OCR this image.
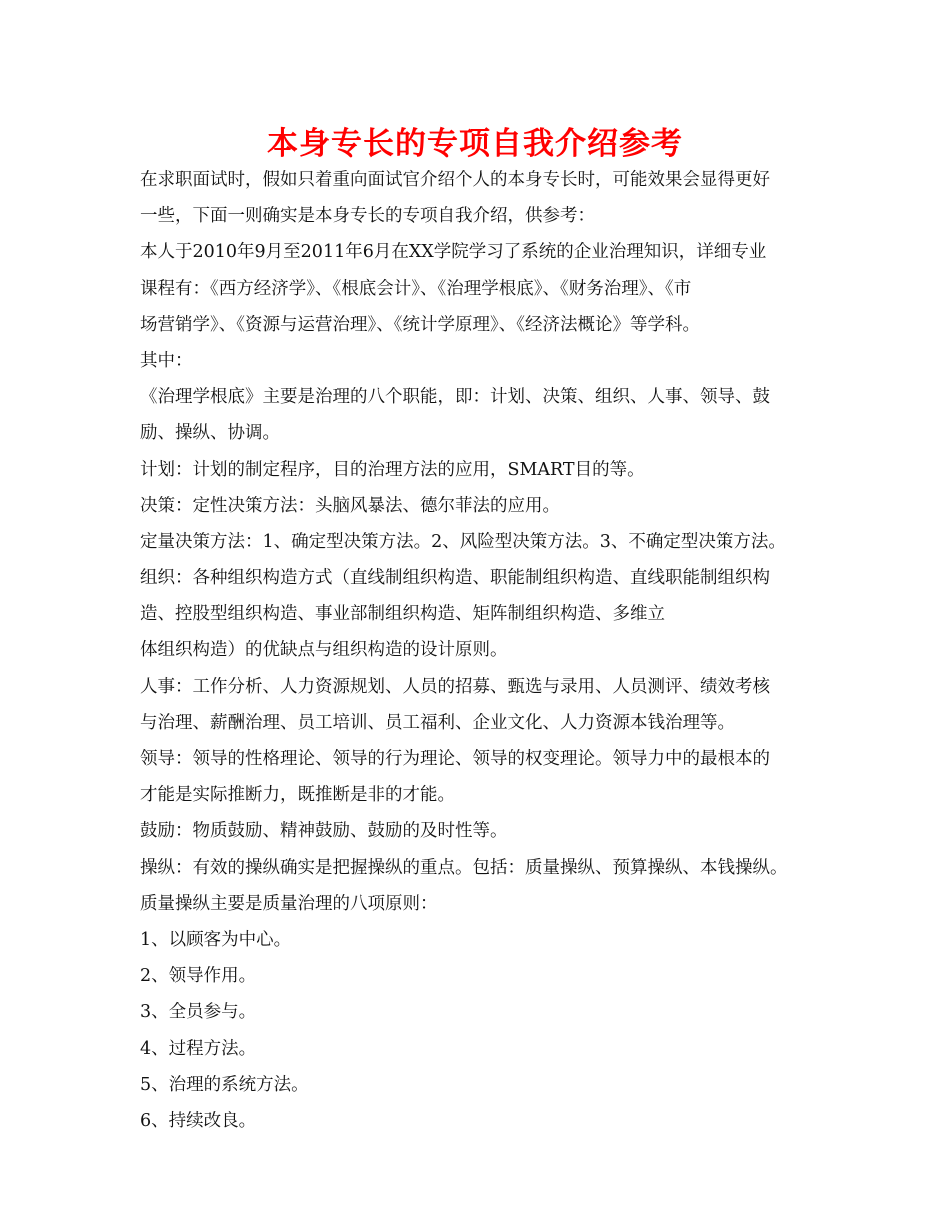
本身专长的专项自我介绍参考
在求职面试时，假如只着重向面试官介绍个人的本身专长时，可能效果会显得更好
一些，下面一则确实是本身专长的专项自我介绍，供参考：
本人于2010年9月至2011年6月在XX学院学习了系统的企业治理知识，详细专业
课程有：《西方经济学》、《根底会计》、《治理学根底》、《财务治理》、《市
场营销学》、《资源与运营治理》、《统计学原理》、《经济法概论》等学科。
其中：
《治理学根底》主要是治理的八个职能，即：计划、决策、组织、人事、领导、鼓
励、操纵、协调。
计划：计划的制定程序，目的治理方法的应用，SMART目的等。
决策：定性决策方法：头脑风暴法、德尔菲法的应用。
定量决策方法：1、确定型决策方法。2、风险型决策方法。3、不确定型决策方法。
组织：各种组织构造方式（直线制组织构造、职能制组织构造、直线职能制组织构
造、控股型组织构造、事业部制组织构造、矩阵制组织构造、多维立
体组织构造）的优缺点与组织构造的设计原则。
人事：工作分析、人力资源规划、人员的招募、甄选与录用、人员测评、绩效考核
与治理、薪酬治理、员工培训、员工福利、企业文化、人力资源本钱治理等。
领导：领导的性格理论、领导的行为理论、领导的权变理论。领导力中的最根本的
才能是实际推断力，既推断是非的才能。
鼓励：物质鼓励、精神鼓励、鼓励的及时性等。
操纵：有效的操纵确实是把握操纵的重点。包括：质量操纵、预算操纵、本钱操纵。
质量操纵主要是质量治理的八项原则：
1、以顾客为中心。
2、领导作用。
3、全员参与。
4、过程方法。
5、治理的系统方法。
6、持续改良。
